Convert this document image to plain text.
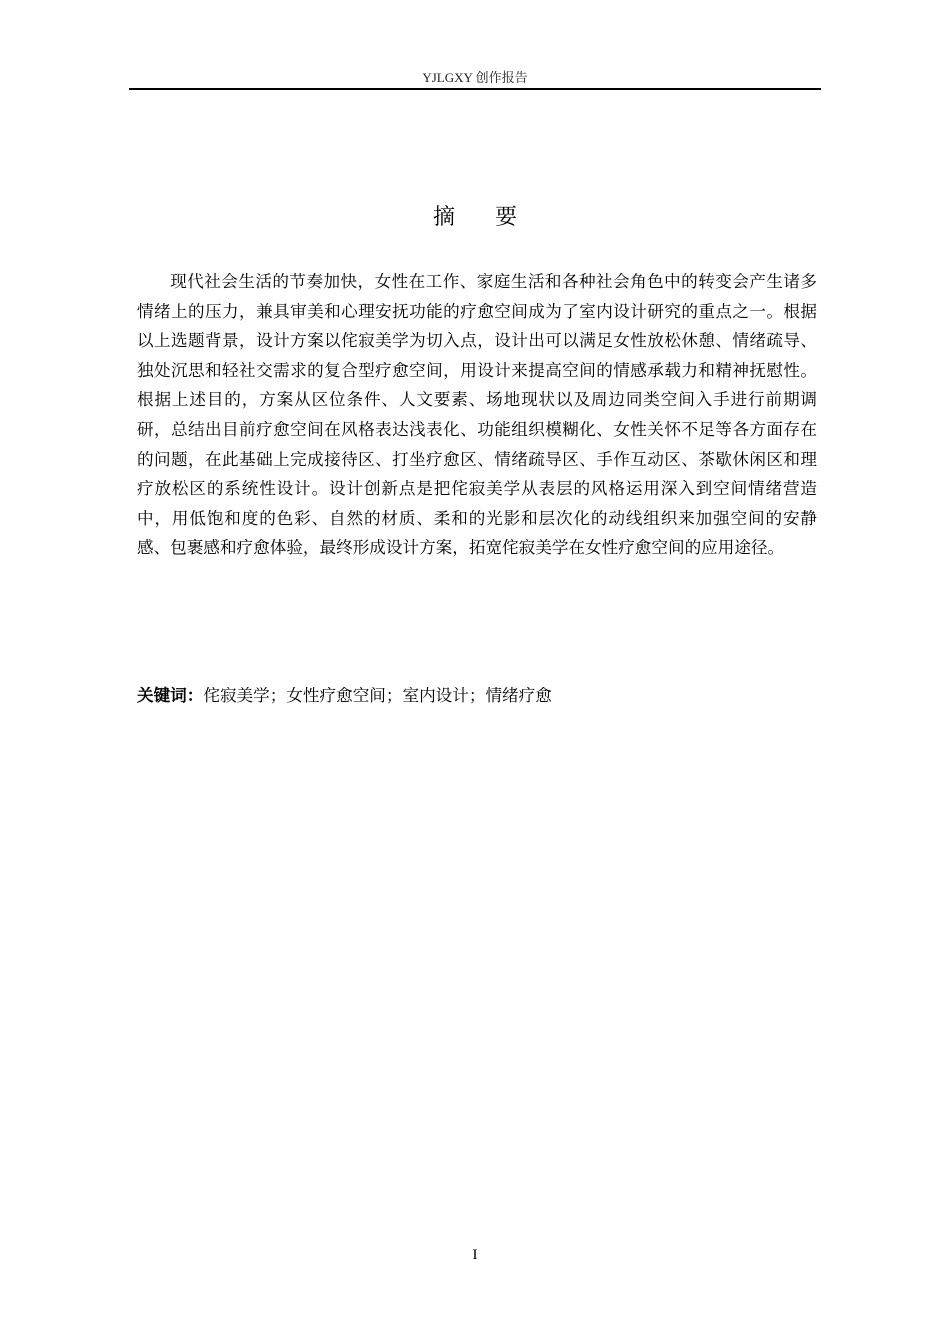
YJLGXY 创作报告
摘要

现代社会生活的节奏加快，女性在工作、家庭生活和各种社会角色中的转变会产生诸多情绪上的压力，兼具审美和心理安抚功能的疗愈空间成为了室内设计研究的重点之一。根据以上选题背景，设计方案以侘寂美学为切入点，设计出可以满足女性放松休憩、情绪疏导、独处沉思和轻社交需求的复合型疗愈空间，用设计来提高空间的情感承载力和精神抚慰性。根据上述目的，方案从区位条件、人文要素、场地现状以及周边同类空间入手进行前期调研，总结出目前疗愈空间在风格表达浅表化、功能组织模糊化、女性关怀不足等各方面存在的问题，在此基础上完成接待区、打坐疗愈区、情绪疏导区、手作互动区、茶歇休闲区和理疗放松区的系统性设计。设计创新点是把侘寂美学从表层的风格运用深入到空间情绪营造中，用低饱和度的色彩、自然的材质、柔和的光影和层次化的动线组织来加强空间的安静感、包裹感和疗愈体验，最终形成设计方案，拓宽侘寂美学在女性疗愈空间的应用途径。

关键词：侘寂美学；女性疗愈空间；室内设计；情绪疗愈
I
